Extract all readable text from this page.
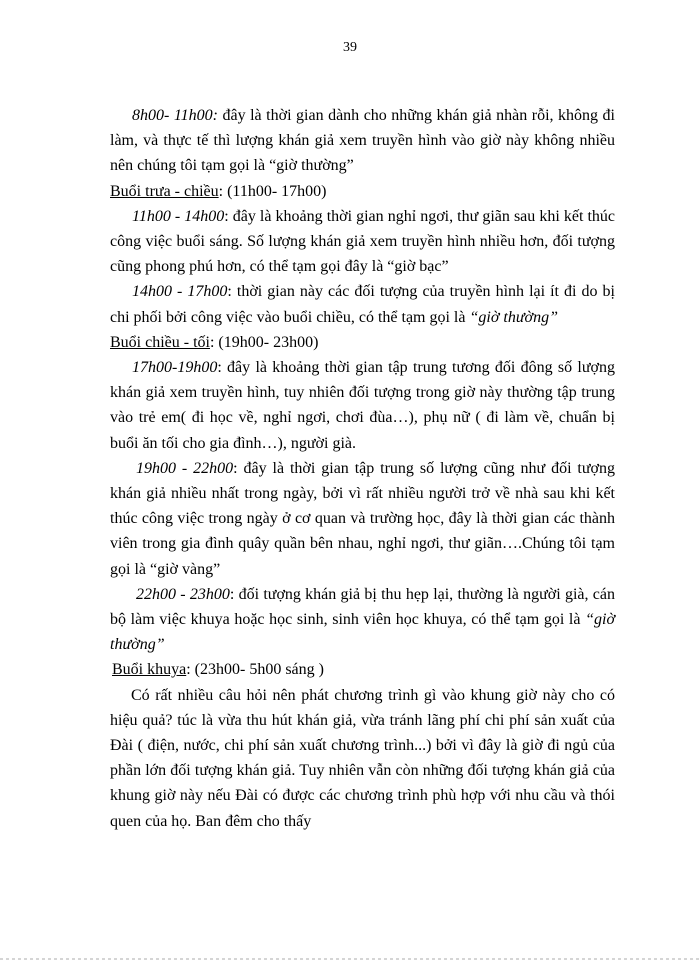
39

8h00- 11h00: đây là thời gian dành cho những khán giả nhàn rỗi, không đi làm, và thực tế thì lượng khán giả xem truyền hình vào giờ này không nhiều nên chúng tôi tạm gọi là “giờ thường”

Buổi trưa - chiều: (11h00- 17h00)

11h00 - 14h00: đây là khoảng thời gian nghỉ ngơi, thư giãn sau khi kết thúc công việc buổi sáng. Số lượng khán giả xem truyền hình nhiều hơn, đối tượng cũng phong phú hơn, có thể tạm gọi đây là “giờ bạc”

14h00 - 17h00: thời gian này các đối tượng của truyền hình lại ít đi do bị chi phối bởi công việc vào buổi chiều, có thể tạm gọi là “giờ thường”

Buổi chiều - tối: (19h00- 23h00)

17h00-19h00: đây là khoảng thời gian tập trung tương đối đông số lượng khán giả xem truyền hình, tuy nhiên đối tượng trong giờ này thường tập trung vào trẻ em( đi học về, nghỉ ngơi, chơi đùa…), phụ nữ ( đi làm về, chuẩn bị buổi ăn tối cho gia đình…), người già.

19h00 - 22h00: đây là thời gian tập trung số lượng cũng như đối tượng khán giả nhiều nhất trong ngày, bởi vì rất nhiều người trở về nhà sau khi kết thúc công việc trong ngày ở cơ quan và trường học, đây là thời gian các thành viên trong gia đình quây quần bên nhau, nghỉ ngơi, thư giãn….Chúng tôi tạm gọi là “giờ vàng”

22h00 - 23h00: đối tượng khán giả bị thu hẹp lại, thường là người già, cán bộ làm việc khuya hoặc học sinh, sinh viên học khuya, có thể tạm gọi là “giờ thường”

Buổi khuya: (23h00- 5h00 sáng )

Có rất nhiều câu hỏi nên phát chương trình gì vào khung giờ này cho có hiệu quả? túc là vừa thu hút khán giả, vừa tránh lãng phí chi phí sản xuất của Đài ( điện, nước, chi phí sản xuất chương trình...) bởi vì đây là giờ đi ngủ của phần lớn đối tượng khán giả. Tuy nhiên vẫn còn những đối tượng khán giả của khung giờ này nếu Đài có được các chương trình phù hợp với nhu cầu và thói quen của họ. Ban đêm cho thấy
